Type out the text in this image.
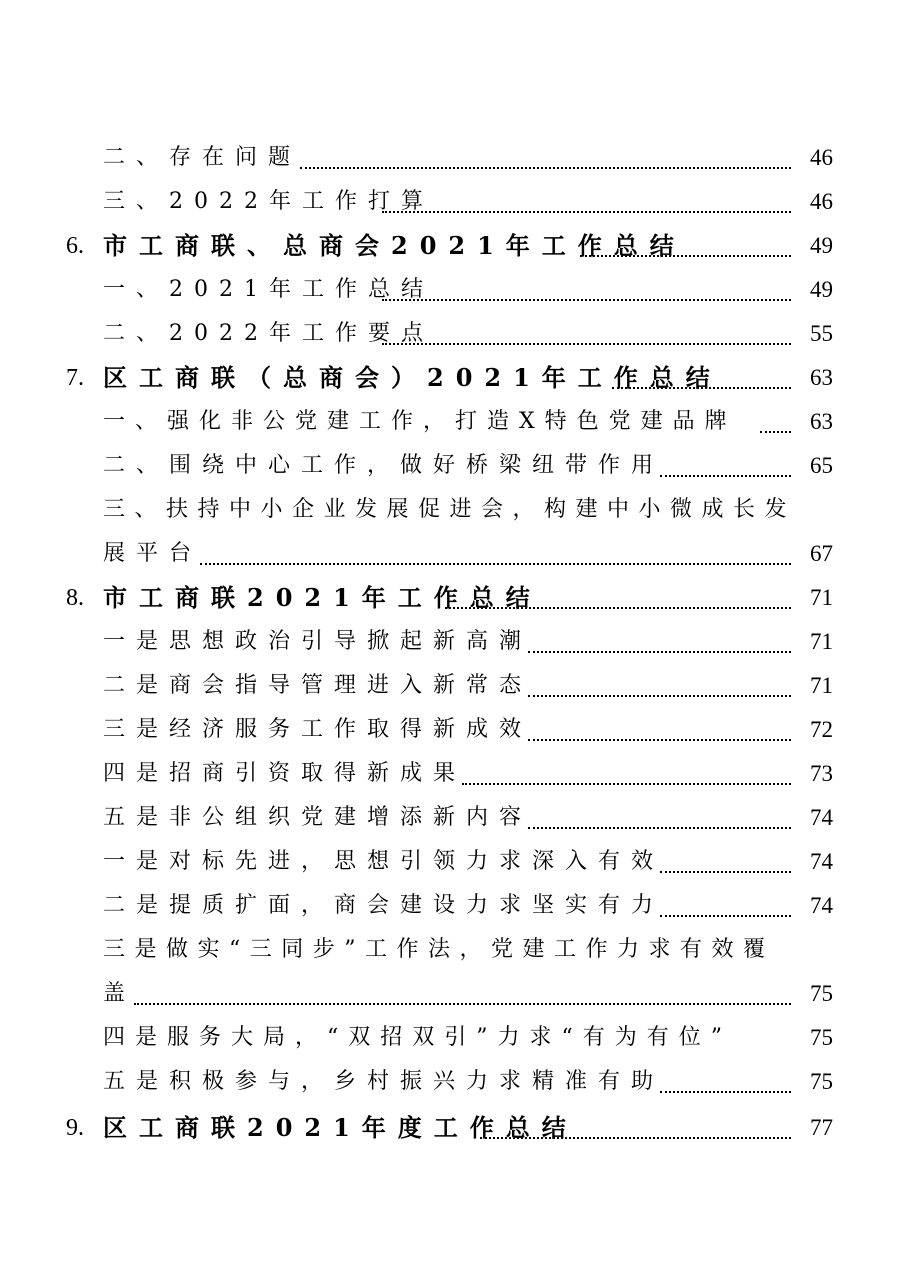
二、存在问题	46
三、2022年工作打算	46
6. 市工商联、总商会2021年工作总结	49
一、2021年工作总结	49
二、2022年工作要点	55
7. 区工商联（总商会）2021年工作总结	63
一、强化非公党建工作，打造X特色党建品牌	63
二、围绕中心工作，做好桥梁纽带作用	65
三、扶持中小企业发展促进会，构建中小微成长发
展平台	67
8. 市工商联2021年工作总结	71
一是思想政治引导掀起新高潮	71
二是商会指导管理进入新常态	71
三是经济服务工作取得新成效	72
四是招商引资取得新成果	73
五是非公组织党建增添新内容	74
一是对标先进，思想引领力求深入有效	74
二是提质扩面，商会建设力求坚实有力	74
三是做实“三同步”工作法，党建工作力求有效覆
盖	75
四是服务大局，“双招双引”力求“有为有位”	75
五是积极参与，乡村振兴力求精准有助	75
9. 区工商联2021年度工作总结	77
